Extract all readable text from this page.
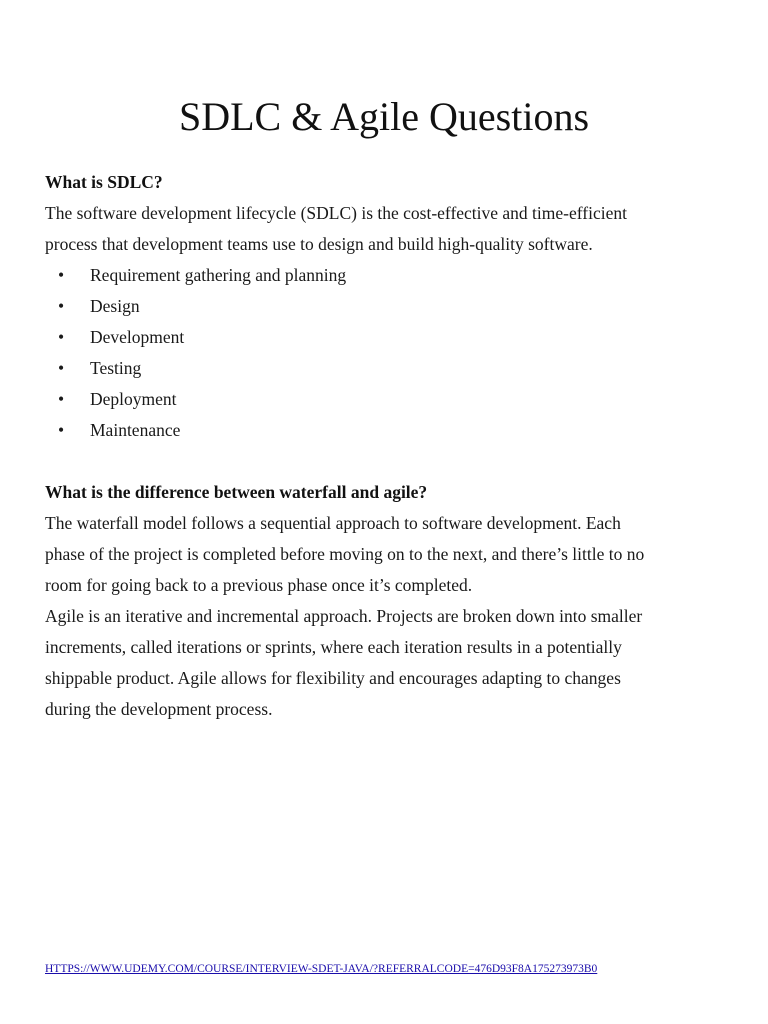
SDLC & Agile Questions

What is SDLC?

The software development lifecycle (SDLC) is the cost-effective and time-efficient

process that development teams use to design and build high-quality software.

• Requirement gathering and planning
• Design
• Development
• Testing
• Deployment
• Maintenance

What is the difference between waterfall and agile?

The waterfall model follows a sequential approach to software development. Each

phase of the project is completed before moving on to the next, and there’s little to no

room for going back to a previous phase once it’s completed.

Agile is an iterative and incremental approach. Projects are broken down into smaller

increments, called iterations or sprints, where each iteration results in a potentially

shippable product. Agile allows for flexibility and encourages adapting to changes

during the development process.

HTTPS://WWW.UDEMY.COM/COURSE/INTERVIEW-SDET-JAVA/?REFERRALCODE=476D93F8A175273973B0
